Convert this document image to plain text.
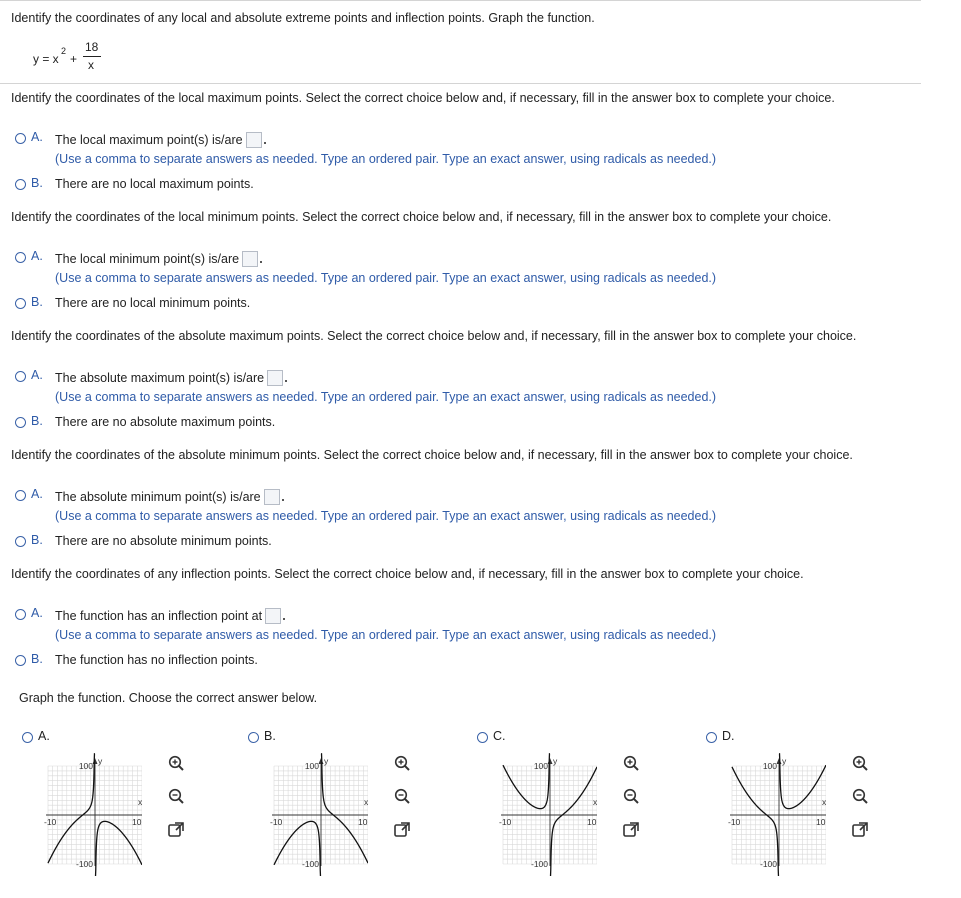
Identify the coordinates of any local and absolute extreme points and inflection points. Graph the function.
y = x
2
+
18
x
Identify the coordinates of the local maximum points. Select the correct choice below and, if necessary, fill in the answer box to complete your choice.
A. The local maximum point(s) is/are
(Use a comma to separate answers as needed. Type an ordered pair. Type an exact answer, using radicals as needed.)
B. There are no local maximum points.
Identify the coordinates of the local minimum points. Select the correct choice below and, if necessary, fill in the answer box to complete your choice.
A. The local minimum point(s) is/are
(Use a comma to separate answers as needed. Type an ordered pair. Type an exact answer, using radicals as needed.)
B. There are no local minimum points.
Identify the coordinates of the absolute maximum points. Select the correct choice below and, if necessary, fill in the answer box to complete your choice.
A. The absolute maximum point(s) is/are
(Use a comma to separate answers as needed. Type an ordered pair. Type an exact answer, using radicals as needed.)
B. There are no absolute maximum points.
Identify the coordinates of the absolute minimum points. Select the correct choice below and, if necessary, fill in the answer box to complete your choice.
A. The absolute minimum point(s) is/are
(Use a comma to separate answers as needed. Type an ordered pair. Type an exact answer, using radicals as needed.)
B. There are no absolute minimum points.
Identify the coordinates of any inflection points. Select the correct choice below and, if necessary, fill in the answer box to complete your choice.
A. The function has an inflection point at
(Use a comma to separate answers as needed. Type an ordered pair. Type an exact answer, using radicals as needed.)
B. The function has no inflection points.
Graph the function. Choose the correct answer below.
A.	B.	C.	D.
y
x
100
-100
-10	10
y
x
100
-100
-10	10
y
x
100
-100
-10	10
y
x
100
-100
-10	10
